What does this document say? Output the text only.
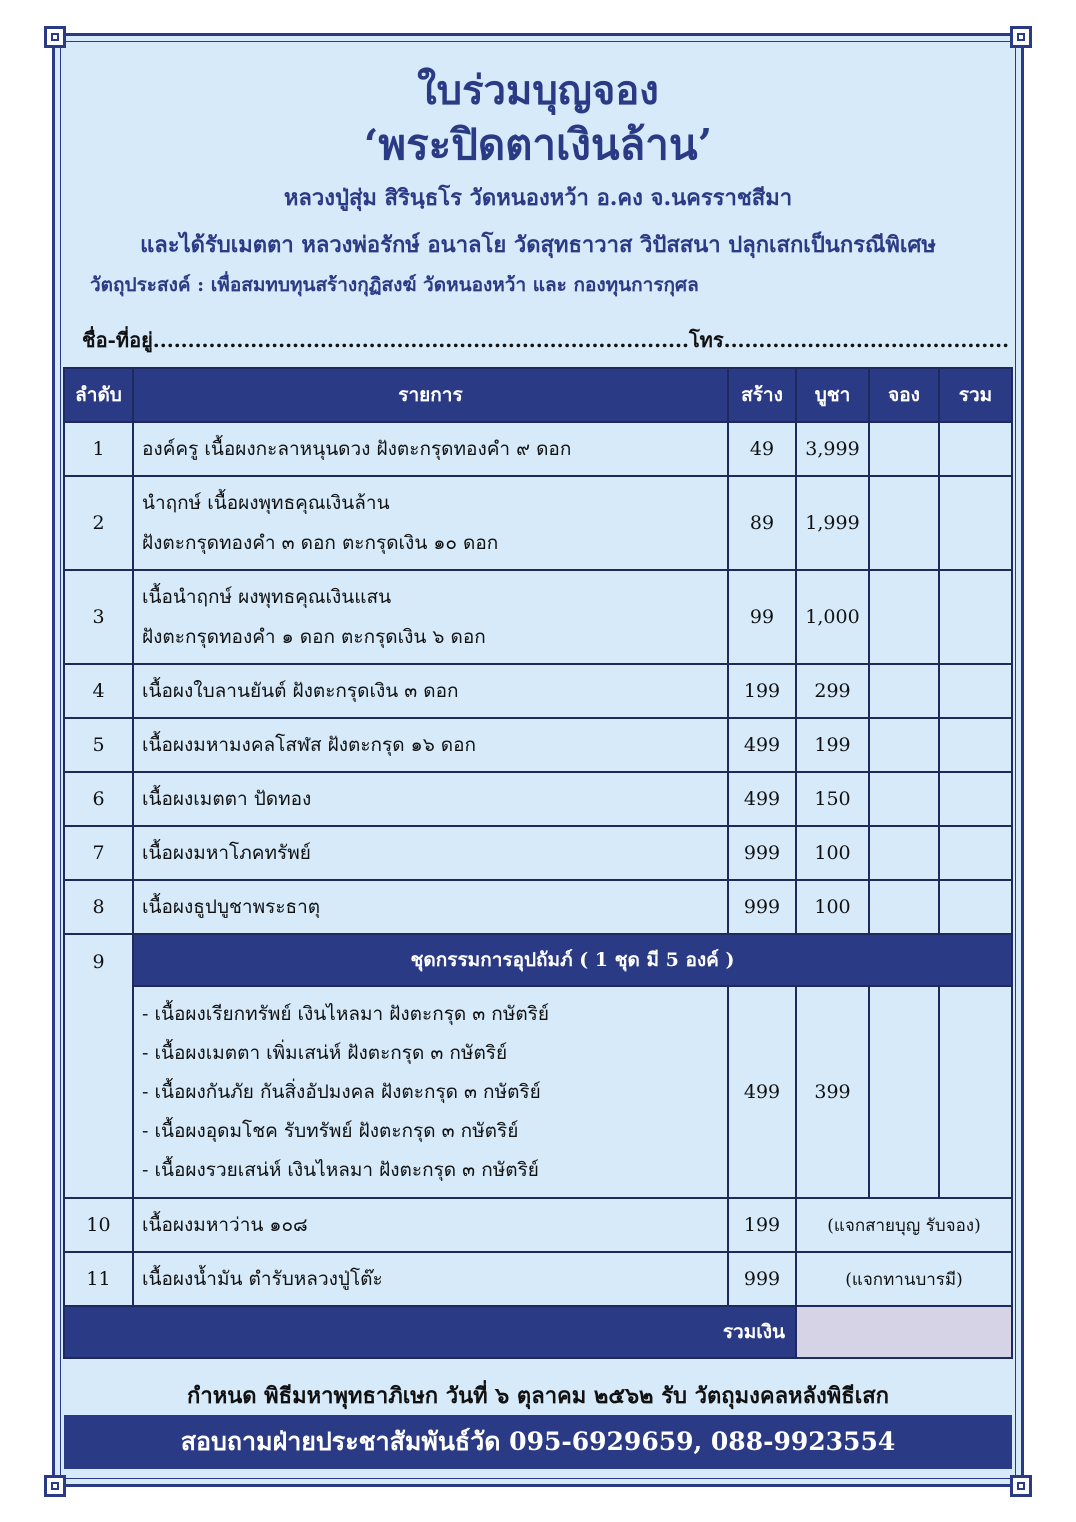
ใบร่วมบุญจอง
‘พระปิดตาเงินล้าน’

หลวงปู่สุ่ม สิรินฺธโร วัดหนองหว้า อ.คง จ.นครราชสีมา

และได้รับเมตตา หลวงพ่อรักษ์ อนาลโย วัดสุทธาวาส วิปัสสนา ปลุกเสกเป็นกรณีพิเศษ

วัตถุประสงค์ : เพื่อสมทบทุนสร้างกุฏิสงฆ์ วัดหนองหว้า และ กองทุนการกุศล

ชื่อ-ที่อยู่.............................................................................โทร.........................................
ลำดับ	รายการ	สร้าง	บูชา	จอง	รวม
1	องค์ครู เนื้อผงกะลาหนุนดวง ฝังตะกรุดทองคำ ๙ ดอก	49	3,999		
2	นำฤกษ์ เนื้อผงพุทธคุณเงินล้าน
ฝังตะกรุดทองคำ ๓ ดอก ตะกรุดเงิน ๑๐ ดอก	89	1,999		
3	เนื้อนำฤกษ์ ผงพุทธคุณเงินแสน
ฝังตะกรุดทองคำ ๑ ดอก ตะกรุดเงิน ๖ ดอก	99	1,000		
4	เนื้อผงใบลานยันต์ ฝังตะกรุดเงิน ๓ ดอก	199	299		
5	เนื้อผงมหามงคลโสฬส ฝังตะกรุด ๑๖ ดอก	499	199		
6	เนื้อผงเมตตา ปัดทอง	499	150		
7	เนื้อผงมหาโภคทรัพย์	999	100		
8	เนื้อผงธูปบูชาพระธาตุ	999	100		
9	ชุดกรรมการอุปถัมภ์ ( 1 ชุด มี 5 องค์ )				

	- เนื้อผงเรียกทรัพย์ เงินไหลมา ฝังตะกรุด ๓ กษัตริย์
- เนื้อผงเมตตา เพิ่มเสน่ห์ ฝังตะกรุด ๓ กษัตริย์
- เนื้อผงกันภัย กันสิ่งอัปมงคล ฝังตะกรุด ๓ กษัตริย์
- เนื้อผงอุดมโชค รับทรัพย์ ฝังตะกรุด ๓ กษัตริย์
- เนื้อผงรวยเสน่ห์ เงินไหลมา ฝังตะกรุด ๓ กษัตริย์	499	399		
10	เนื้อผงมหาว่าน ๑๐๘	199	(แจกสายบุญ รับจอง)		
11	เนื้อผงน้ำมัน ตำรับหลวงปู่โต๊ะ	999	(แจกทานบารมี)		
รวมเงิน					

กำหนด พิธีมหาพุทธาภิเษก วันที่ ๖ ตุลาคม ๒๕๖๒ รับ วัตถุมงคลหลังพิธีเสก

สอบถามฝ่ายประชาสัมพันธ์วัด 095-6929659, 088-9923554
